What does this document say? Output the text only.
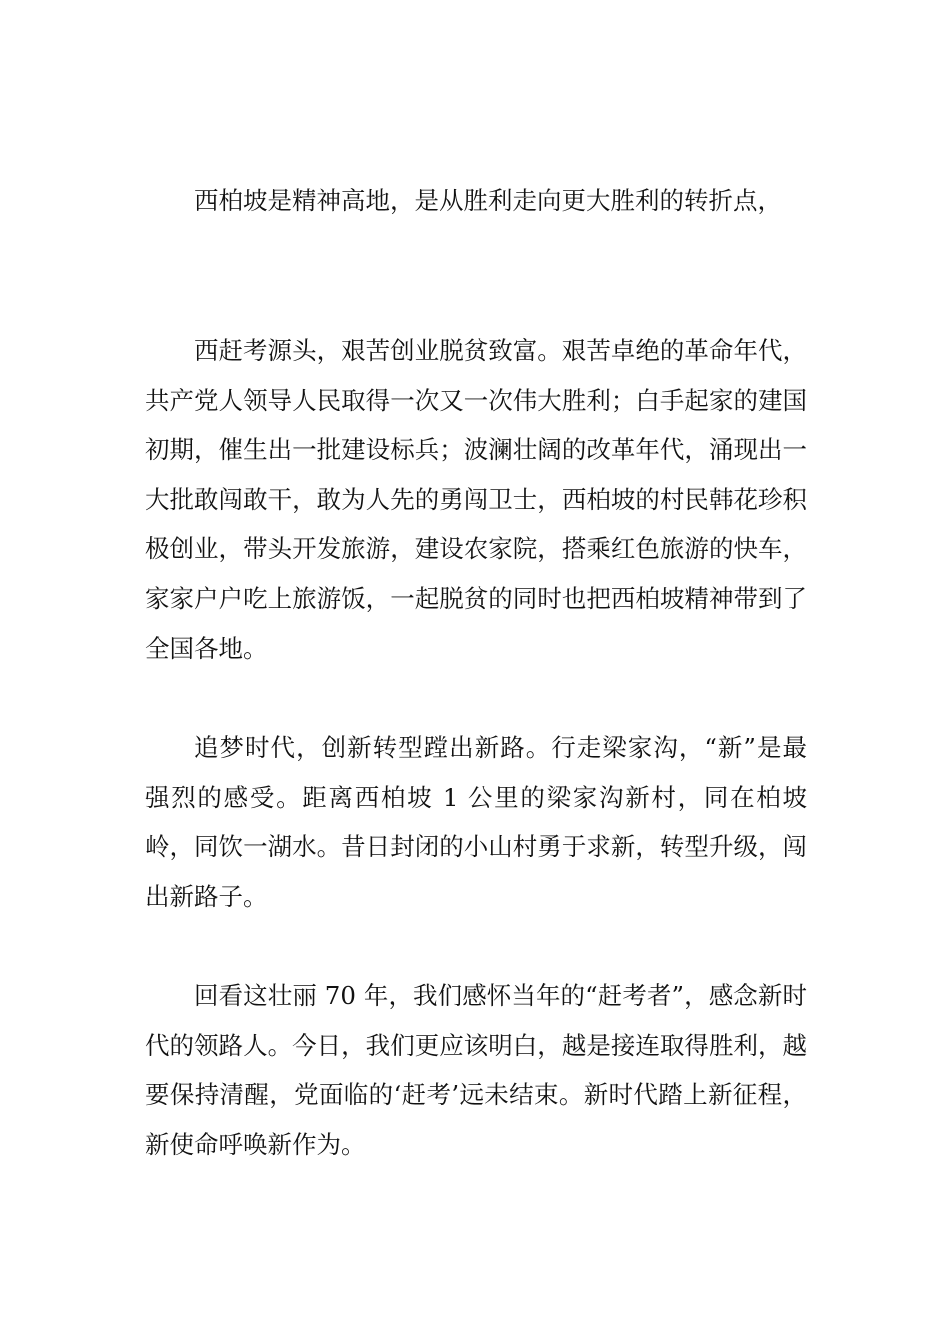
西柏坡是精神高地，是从胜利走向更大胜利的转折点，

西赶考源头，艰苦创业脱贫致富。艰苦卓绝的革命年代，共产党人领导人民取得一次又一次伟大胜利；白手起家的建国初期，催生出一批建设标兵；波澜壮阔的改革年代，涌现出一大批敢闯敢干，敢为人先的勇闯卫士，西柏坡的村民韩花珍积极创业，带头开发旅游，建设农家院，搭乘红色旅游的快车，家家户户吃上旅游饭，一起脱贫的同时也把西柏坡精神带到了全国各地。

追梦时代，创新转型蹚出新路。行走梁家沟，“新”是最强烈的感受。距离西柏坡 1 公里的梁家沟新村，同在柏坡岭，同饮一湖水。昔日封闭的小山村勇于求新，转型升级，闯出新路子。

回看这壮丽 70 年，我们感怀当年的“赶考者”，感念新时代的领路人。今日，我们更应该明白，越是接连取得胜利，越要保持清醒，党面临的‘赶考’远未结束。新时代踏上新征程，新使命呼唤新作为。
